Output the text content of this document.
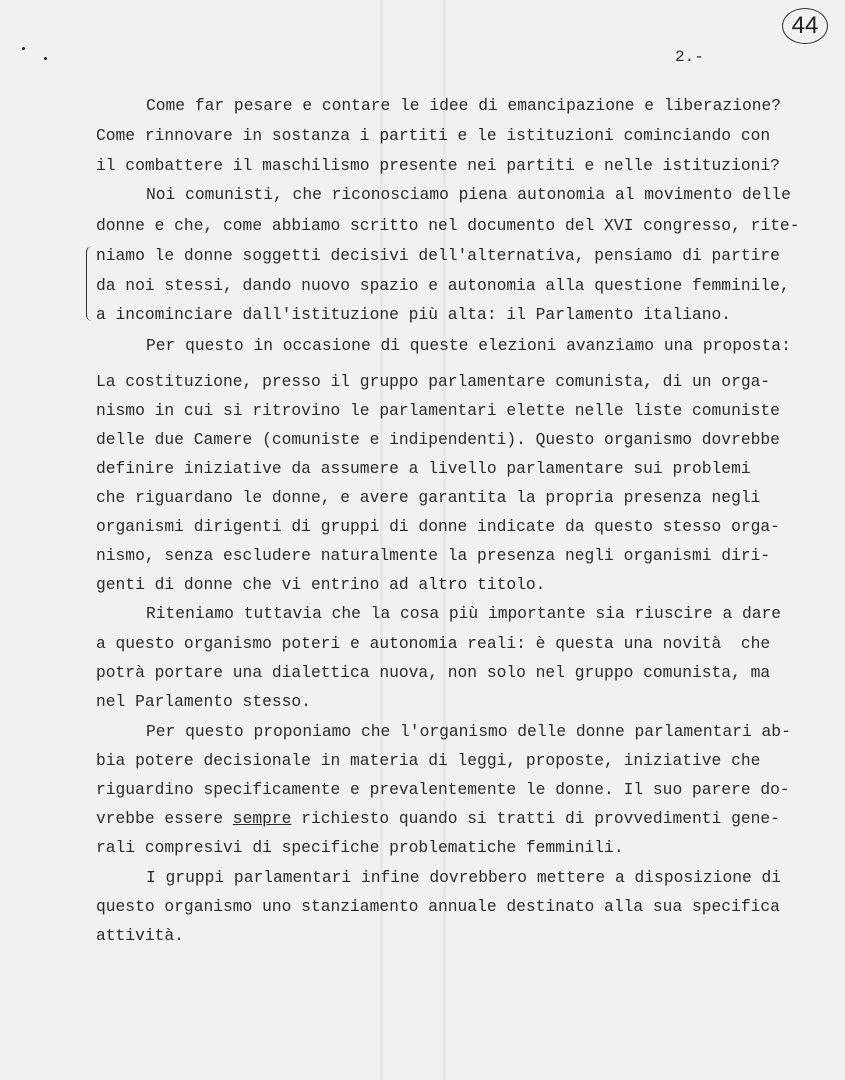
44
2.-
Come far pesare e contare le idee di emancipazione e liberazione?
Come rinnovare in sostanza i partiti e le istituzioni cominciando con
il combattere il maschilismo presente nei partiti e nelle istituzioni?
Noi comunisti, che riconosciamo piena autonomia al movimento delle
donne e che, come abbiamo scritto nel documento del XVI congresso, rite-
niamo le donne soggetti decisivi dell'alternativa, pensiamo di partire
da noi stessi, dando nuovo spazio e autonomia alla questione femminile,
a incominciare dall'istituzione più alta: il Parlamento italiano.
Per questo in occasione di queste elezioni avanziamo una proposta:
La costituzione, presso il gruppo parlamentare comunista, di un orga-
nismo in cui si ritrovino le parlamentari elette nelle liste comuniste
delle due Camere (comuniste e indipendenti). Questo organismo dovrebbe
definire iniziative da assumere a livello parlamentare sui problemi
che riguardano le donne, e avere garantita la propria presenza negli
organismi dirigenti di gruppi di donne indicate da questo stesso orga-
nismo, senza escludere naturalmente la presenza negli organismi diri-
genti di donne che vi entrino ad altro titolo.
Riteniamo tuttavia che la cosa più importante sia riuscire a dare
a questo organismo poteri e autonomia reali: è questa una novità  che
potrà portare una dialettica nuova, non solo nel gruppo comunista, ma
nel Parlamento stesso.
Per questo proponiamo che l'organismo delle donne parlamentari ab-
bia potere decisionale in materia di leggi, proposte, iniziative che
riguardino specificamente e prevalentemente le donne. Il suo parere do-
vrebbe essere sempre richiesto quando si tratti di provvedimenti gene-
rali compresivi di specifiche problematiche femminili.
I gruppi parlamentari infine dovrebbero mettere a disposizione di
questo organismo uno stanziamento annuale destinato alla sua specifica
attività.
